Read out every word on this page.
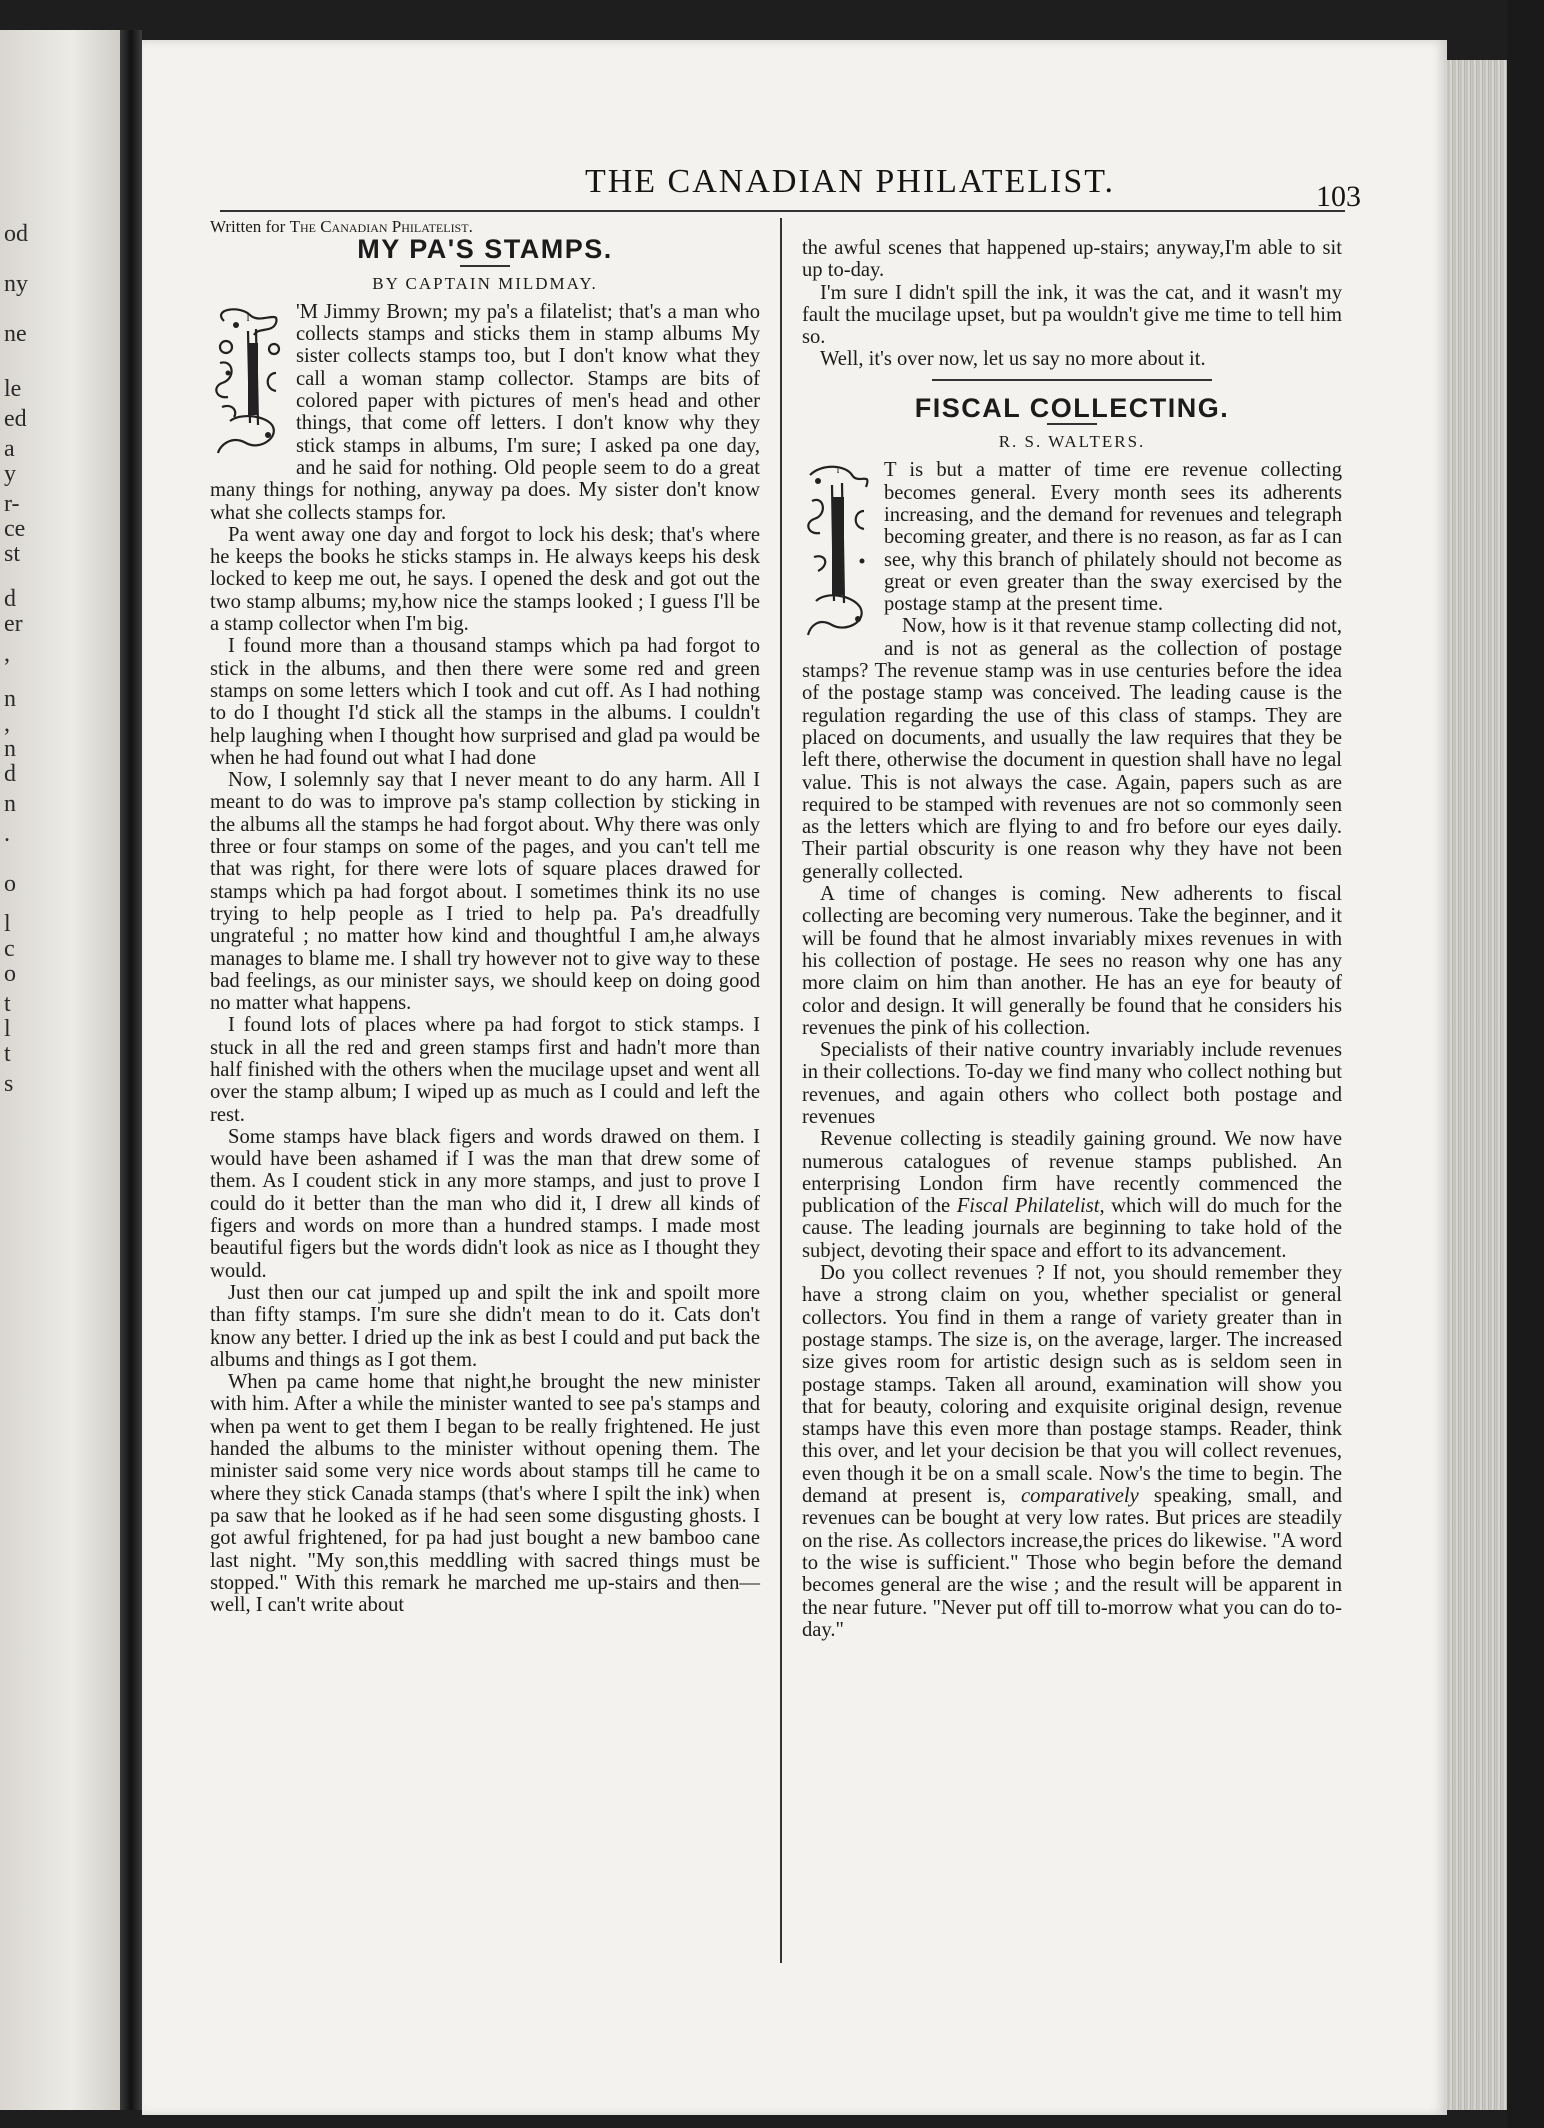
od
ny
ne
le
ed
a
y
r-
ce
st
d
er
,
n
,
n
d
n
.
o
l
c
o
t
l
t
s
THE CANADIAN PHILATELIST.	103

Written for The Canadian Philatelist.

MY PA'S STAMPS.
BY CAPTAIN MILDMAY.
I	'M Jimmy Brown; my pa's a filatelist; that's a man who collects stamps and sticks them in stamp albums My sister collects stamps too, but I don't know what they call a woman stamp collector. Stamps are bits of colored paper with pictures of men's head and other things, that come off letters. I don't know why they stick stamps in albums, I'm sure; I asked pa one day, and he said for nothing. Old people seem to do a great many things for nothing, anyway pa does. My sister don't know what she collects stamps for.

Pa went away one day and forgot to lock his desk; that's where he keeps the books he sticks stamps in. He always keeps his desk locked to keep me out, he says. I opened the desk and got out the two stamp albums; my,how nice the stamps looked ; I guess I'll be a stamp collector when I'm big.

I found more than a thousand stamps which pa had forgot to stick in the albums, and then there were some red and green stamps on some letters which I took and cut off. As I had nothing to do I thought I'd stick all the stamps in the albums. I couldn't help laughing when I thought how surprised and glad pa would be when he had found out what I had done

Now, I solemnly say that I never meant to do any harm. All I meant to do was to improve pa's stamp collection by sticking in the albums all the stamps he had forgot about. Why there was only three or four stamps on some of the pages, and you can't tell me that was right, for there were lots of square places drawed for stamps which pa had forgot about. I sometimes think its no use trying to help people as I tried to help pa. Pa's dreadfully ungrateful ; no matter how kind and thoughtful I am,he always manages to blame me. I shall try however not to give way to these bad feelings, as our minister says, we should keep on doing good no matter what happens.

I found lots of places where pa had forgot to stick stamps. I stuck in all the red and green stamps first and hadn't more than half finished with the others when the mucilage upset and went all over the stamp album; I wiped up as much as I could and left the rest.

Some stamps have black figers and words drawed on them. I would have been ashamed if I was the man that drew some of them. As I coudent stick in any more stamps, and just to prove I could do it better than the man who did it, I drew all kinds of figers and words on more than a hundred stamps. I made most beautiful figers but the words didn't look as nice as I thought they would.

Just then our cat jumped up and spilt the ink and spoilt more than fifty stamps. I'm sure she didn't mean to do it. Cats don't know any better. I dried up the ink as best I could and put back the albums and things as I got them.

When pa came home that night,he brought the new minister with him. After a while the minister wanted to see pa's stamps and when pa went to get them I began to be really frightened. He just handed the albums to the minister without opening them. The minister said some very nice words about stamps till he came to where they stick Canada stamps (that's where I spilt the ink) when pa saw that he looked as if he had seen some disgusting ghosts. I got awful frightened, for pa had just bought a new bamboo cane last night. "My son,this meddling with sacred things must be stopped." With this remark he marched me up-stairs and then—well, I can't write about

the awful scenes that happened up-stairs; anyway,I'm able to sit up to-day.

I'm sure I didn't spill the ink, it was the cat, and it wasn't my fault the mucilage upset, but pa wouldn't give me time to tell him so.

Well, it's over now, let us say no more about it.

FISCAL COLLECTING.
R. S. WALTERS.
I	T is but a matter of time ere revenue collecting becomes general. Every month sees its adherents increasing, and the demand for revenues and telegraph becoming greater, and there is no reason, as far as I can see, why this branch of philately should not become as great or even greater than the sway exercised by the postage stamp at the present time.

Now, how is it that revenue stamp collecting did not, and is not as general as the collection of postage stamps? The revenue stamp was in use centuries before the idea of the postage stamp was conceived. The leading cause is the regulation regarding the use of this class of stamps. They are placed on documents, and usually the law requires that they be left there, otherwise the document in question shall have no legal value. This is not always the case. Again, papers such as are required to be stamped with revenues are not so commonly seen as the letters which are flying to and fro before our eyes daily. Their partial obscurity is one reason why they have not been generally collected.

A time of changes is coming. New adherents to fiscal collecting are becoming very numerous. Take the beginner, and it will be found that he almost invariably mixes revenues in with his collection of postage. He sees no reason why one has any more claim on him than another. He has an eye for beauty of color and design. It will generally be found that he considers his revenues the pink of his collection.

Specialists of their native country invariably include revenues in their collections. To-day we find many who collect nothing but revenues, and again others who collect both postage and revenues

Revenue collecting is steadily gaining ground. We now have numerous catalogues of revenue stamps published. An enterprising London firm have recently commenced the publication of the Fiscal Philatelist, which will do much for the cause. The leading journals are beginning to take hold of the subject, devoting their space and effort to its advancement.

Do you collect revenues ? If not, you should remember they have a strong claim on you, whether specialist or general collectors. You find in them a range of variety greater than in postage stamps. The size is, on the average, larger. The increased size gives room for artistic design such as is seldom seen in postage stamps. Taken all around, examination will show you that for beauty, coloring and exquisite original design, revenue stamps have this even more than postage stamps. Reader, think this over, and let your decision be that you will collect revenues, even though it be on a small scale. Now's the time to begin. The demand at present is, comparatively speaking, small, and revenues can be bought at very low rates. But prices are steadily on the rise. As collectors increase,the prices do likewise. "A word to the wise is sufficient." Those who begin before the demand becomes general are the wise ; and the result will be apparent in the near future. "Never put off till to-morrow what you can do to-day."
